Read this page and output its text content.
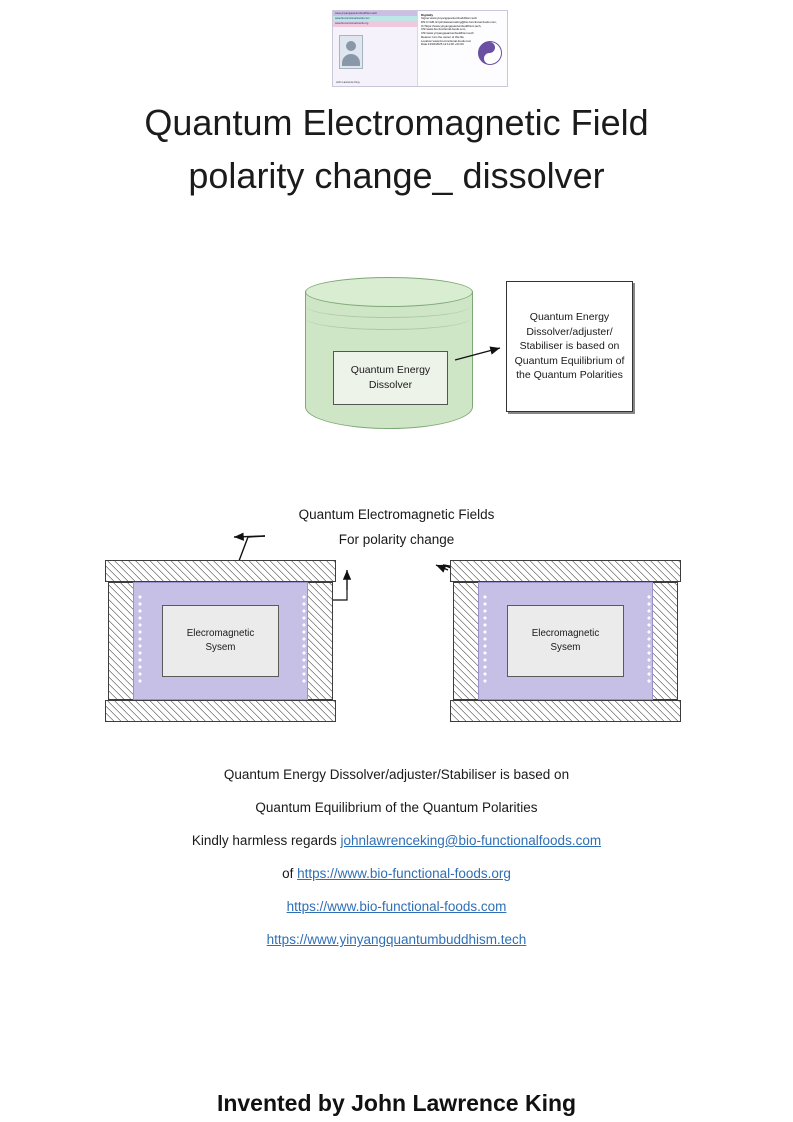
www.yinyangquantumbuddhism.tech
www.bio-functional-foods.com
www.bio-functional-foods.org
John Lawrence King
Digitally
Signer:www.yinyangquantumbuddhism.tech
DN:C=GB, E=johnlawrenceking@bio-functional-foods.com,
O=https://www.yinyangquantumbuddhism.tech,
CN=www.bio-functional-foods.com,
CN=www.yinyangquantumbuddhism.tech
Reason:I am the owner of this file
Location:www.bio-functional-foods.com
Date:13/04/2025 11:11:00 +01:00
Quantum Electromagnetic Field
polarity change_ dissolver
Quantum Energy
Dissolver
Quantum Energy Dissolver/adjuster/ Stabiliser is based on Quantum Equilibrium of the Quantum Polarities
Quantum Electromagnetic Fields
For polarity change
Elecromagnetic
Sysem
Elecromagnetic
Sysem
Quantum Energy Dissolver/adjuster/Stabiliser is based on
Quantum Equilibrium of the Quantum Polarities
Kindly harmless regards johnlawrenceking@bio-functionalfoods.com
of https://www.bio-functional-foods.org
https://www.bio-functional-foods.com
https://www.yinyangquantumbuddhism.tech
Invented by John Lawrence King
